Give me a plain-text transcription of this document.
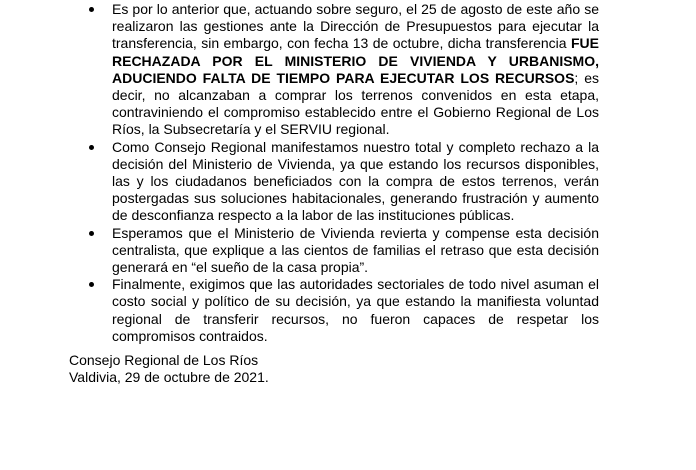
Es por lo anterior que, actuando sobre seguro, el 25 de agosto de este año se realizaron las gestiones ante la Dirección de Presupuestos para ejecutar la transferencia, sin embargo, con fecha 13 de octubre, dicha transferencia FUE RECHAZADA POR EL MINISTERIO DE VIVIENDA Y URBANISMO, ADUCIENDO FALTA DE TIEMPO PARA EJECUTAR LOS RECURSOS; es decir, no alcanzaban a comprar los terrenos convenidos en esta etapa, contraviniendo el compromiso establecido entre el Gobierno Regional de Los Ríos, la Subsecretaría y el SERVIU regional.
Como Consejo Regional manifestamos nuestro total y completo rechazo a la decisión del Ministerio de Vivienda, ya que estando los recursos disponibles, las y los ciudadanos beneficiados con la compra de estos terrenos, verán postergadas sus soluciones habitacionales, generando frustración y aumento de desconfianza respecto a la labor de las instituciones públicas.
Esperamos que el Ministerio de Vivienda revierta y compense esta decisión centralista, que explique a las cientos de familias el retraso que esta decisión generará en “el sueño de la casa propia”.
Finalmente, exigimos que las autoridades sectoriales de todo nivel asuman el costo social y político de su decisión, ya que estando la manifiesta voluntad regional de transferir recursos, no fueron capaces de respetar los compromisos contraidos.
Consejo Regional de Los Ríos
Valdivia, 29 de octubre de 2021.
